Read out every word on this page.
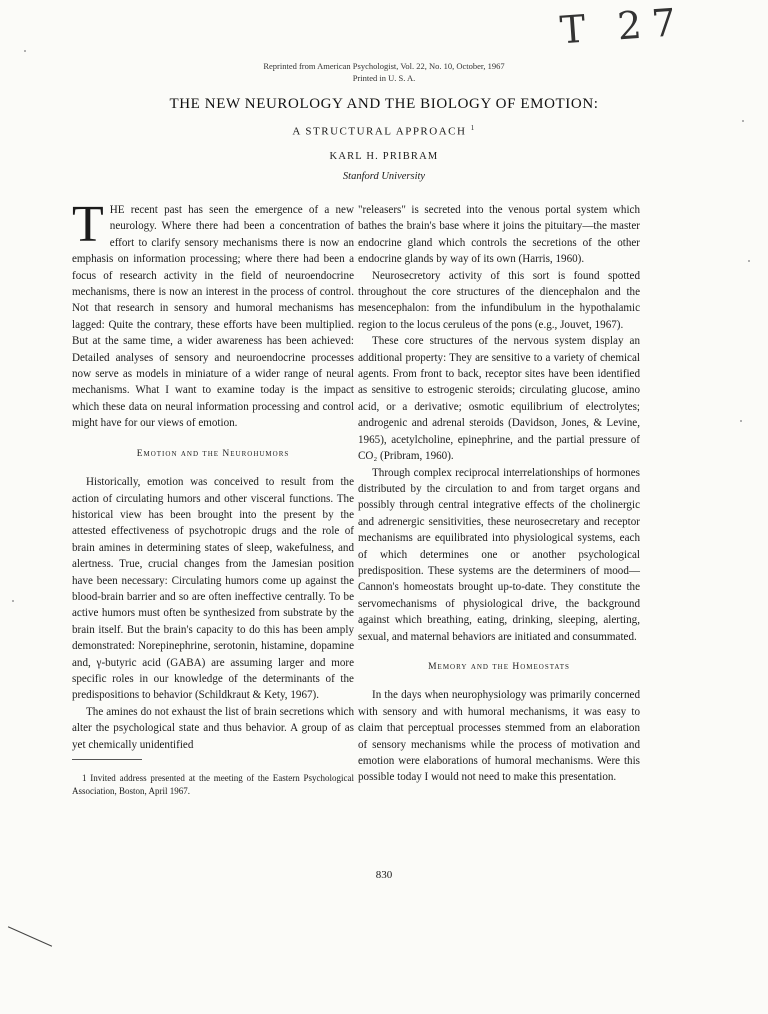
T 27
Reprinted from American Psychologist, Vol. 22, No. 10, October, 1967
Printed in U. S. A.
THE NEW NEUROLOGY AND THE BIOLOGY OF EMOTION:
A STRUCTURAL APPROACH $^1$
KARL H. PRIBRAM
Stanford University

THE recent past has seen the emergence of a new neurology. Where there had been a concentration of effort to clarify sensory mechanisms there is now an emphasis on information processing; where there had been a focus of research activity in the field of neuroendocrine mechanisms, there is now an interest in the process of control. Not that research in sensory and humoral mechanisms has lagged: Quite the contrary, these efforts have been multiplied. But at the same time, a wider awareness has been achieved: Detailed analyses of sensory and neuroendocrine processes now serve as models in miniature of a wider range of neural mechanisms. What I want to examine today is the impact which these data on neural information processing and control might have for our views of emotion.

Emotion and the Neurohumors

Historically, emotion was conceived to result from the action of circulating humors and other visceral functions. The historical view has been brought into the present by the attested effectiveness of psychotropic drugs and the role of brain amines in determining states of sleep, wakefulness, and alertness. True, crucial changes from the Jamesian position have been necessary: Circulating humors come up against the blood-brain barrier and so are often ineffective centrally. To be active humors must often be synthesized from substrate by the brain itself. But the brain's capacity to do this has been amply demonstrated: Norepinephrine, serotonin, histamine, dopamine and, γ-butyric acid (GABA) are assuming larger and more specific roles in our knowledge of the determinants of the predispositions to behavior (Schildkraut & Kety, 1967).

The amines do not exhaust the list of brain secretions which alter the psychological state and thus behavior. A group of as yet chemically unidentified

1 Invited address presented at the meeting of the Eastern Psychological Association, Boston, April 1967.

"releasers" is secreted into the venous portal system which bathes the brain's base where it joins the pituitary—the master endocrine gland which controls the secretions of the other endocrine glands by way of its own (Harris, 1960).

Neurosecretory activity of this sort is found spotted throughout the core structures of the diencephalon and the mesencephalon: from the infundibulum in the hypothalamic region to the locus ceruleus of the pons (e.g., Jouvet, 1967).

These core structures of the nervous system display an additional property: They are sensitive to a variety of chemical agents. From front to back, receptor sites have been identified as sensitive to estrogenic steroids; circulating glucose, amino acid, or a derivative; osmotic equilibrium of electrolytes; androgenic and adrenal steroids (Davidson, Jones, & Levine, 1965), acetylcholine, epinephrine, and the partial pressure of CO₂ (Pribram, 1960).

Through complex reciprocal interrelationships of hormones distributed by the circulation to and from target organs and possibly through central integrative effects of the cholinergic and adrenergic sensitivities, these neurosecretary and receptor mechanisms are equilibrated into physiological systems, each of which determines one or another psychological predisposition. These systems are the determiners of mood—Cannon's homeostats brought up-to-date. They constitute the servomechanisms of physiological drive, the background against which breathing, eating, drinking, sleeping, alerting, sexual, and maternal behaviors are initiated and consummated.

Memory and the Homeostats

In the days when neurophysiology was primarily concerned with sensory and with humoral mechanisms, it was easy to claim that perceptual processes stemmed from an elaboration of sensory mechanisms while the process of motivation and emotion were elaborations of humoral mechanisms. Were this possible today I would not need to make this presentation.

830
